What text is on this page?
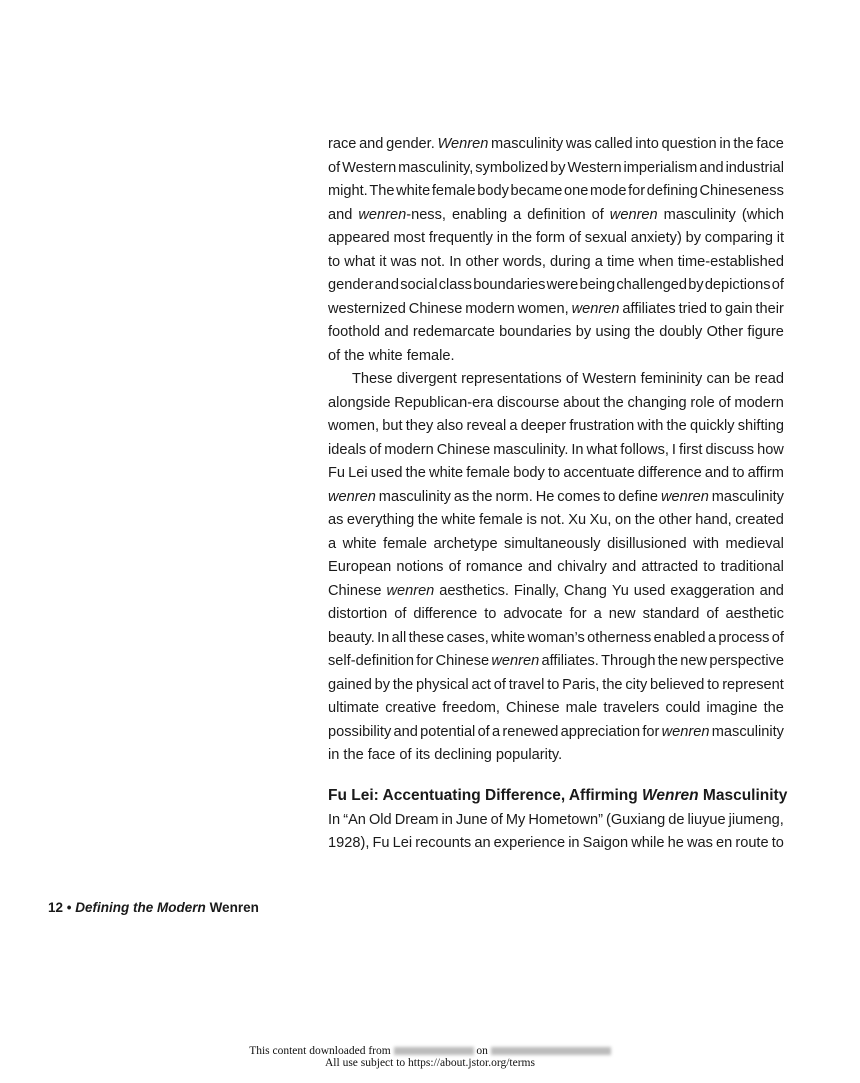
race and gender. Wenren masculinity was called into question in the face
of Western masculinity, symbolized by Western imperialism and industrial
might. The white female body became one mode for defining Chineseness
and wenren-ness, enabling a definition of wenren masculinity (which
appeared most frequently in the form of sexual anxiety) by comparing it
to what it was not. In other words, during a time when time-established
gender and social class boundaries were being challenged by depictions of
westernized Chinese modern women, wenren affiliates tried to gain their
foothold and redemarcate boundaries by using the doubly Other figure
of the white female.
These divergent representations of Western femininity can be read
alongside Republican-era discourse about the changing role of modern
women, but they also reveal a deeper frustration with the quickly shifting
ideals of modern Chinese masculinity. In what follows, I first discuss how
Fu Lei used the white female body to accentuate difference and to affirm
wenren masculinity as the norm. He comes to define wenren masculinity
as everything the white female is not. Xu Xu, on the other hand, created
a white female archetype simultaneously disillusioned with medieval
European notions of romance and chivalry and attracted to traditional
Chinese wenren aesthetics. Finally, Chang Yu used exaggeration and
distortion of difference to advocate for a new standard of aesthetic
beauty. In all these cases, white woman’s otherness enabled a process of
self-definition for Chinese wenren affiliates. Through the new perspective
gained by the physical act of travel to Paris, the city believed to represent
ultimate creative freedom, Chinese male travelers could imagine the
possibility and potential of a renewed appreciation for wenren masculinity
in the face of its declining popularity.
Fu Lei: Accentuating Difference, Affirming Wenren Masculinity
In “An Old Dream in June of My Hometown” (Guxiang de liuyue jiumeng,
1928), Fu Lei recounts an experience in Saigon while he was en route to
12 • Defining the Modern Wenren
This content downloaded from	on
All use subject to https://about.jstor.org/terms
